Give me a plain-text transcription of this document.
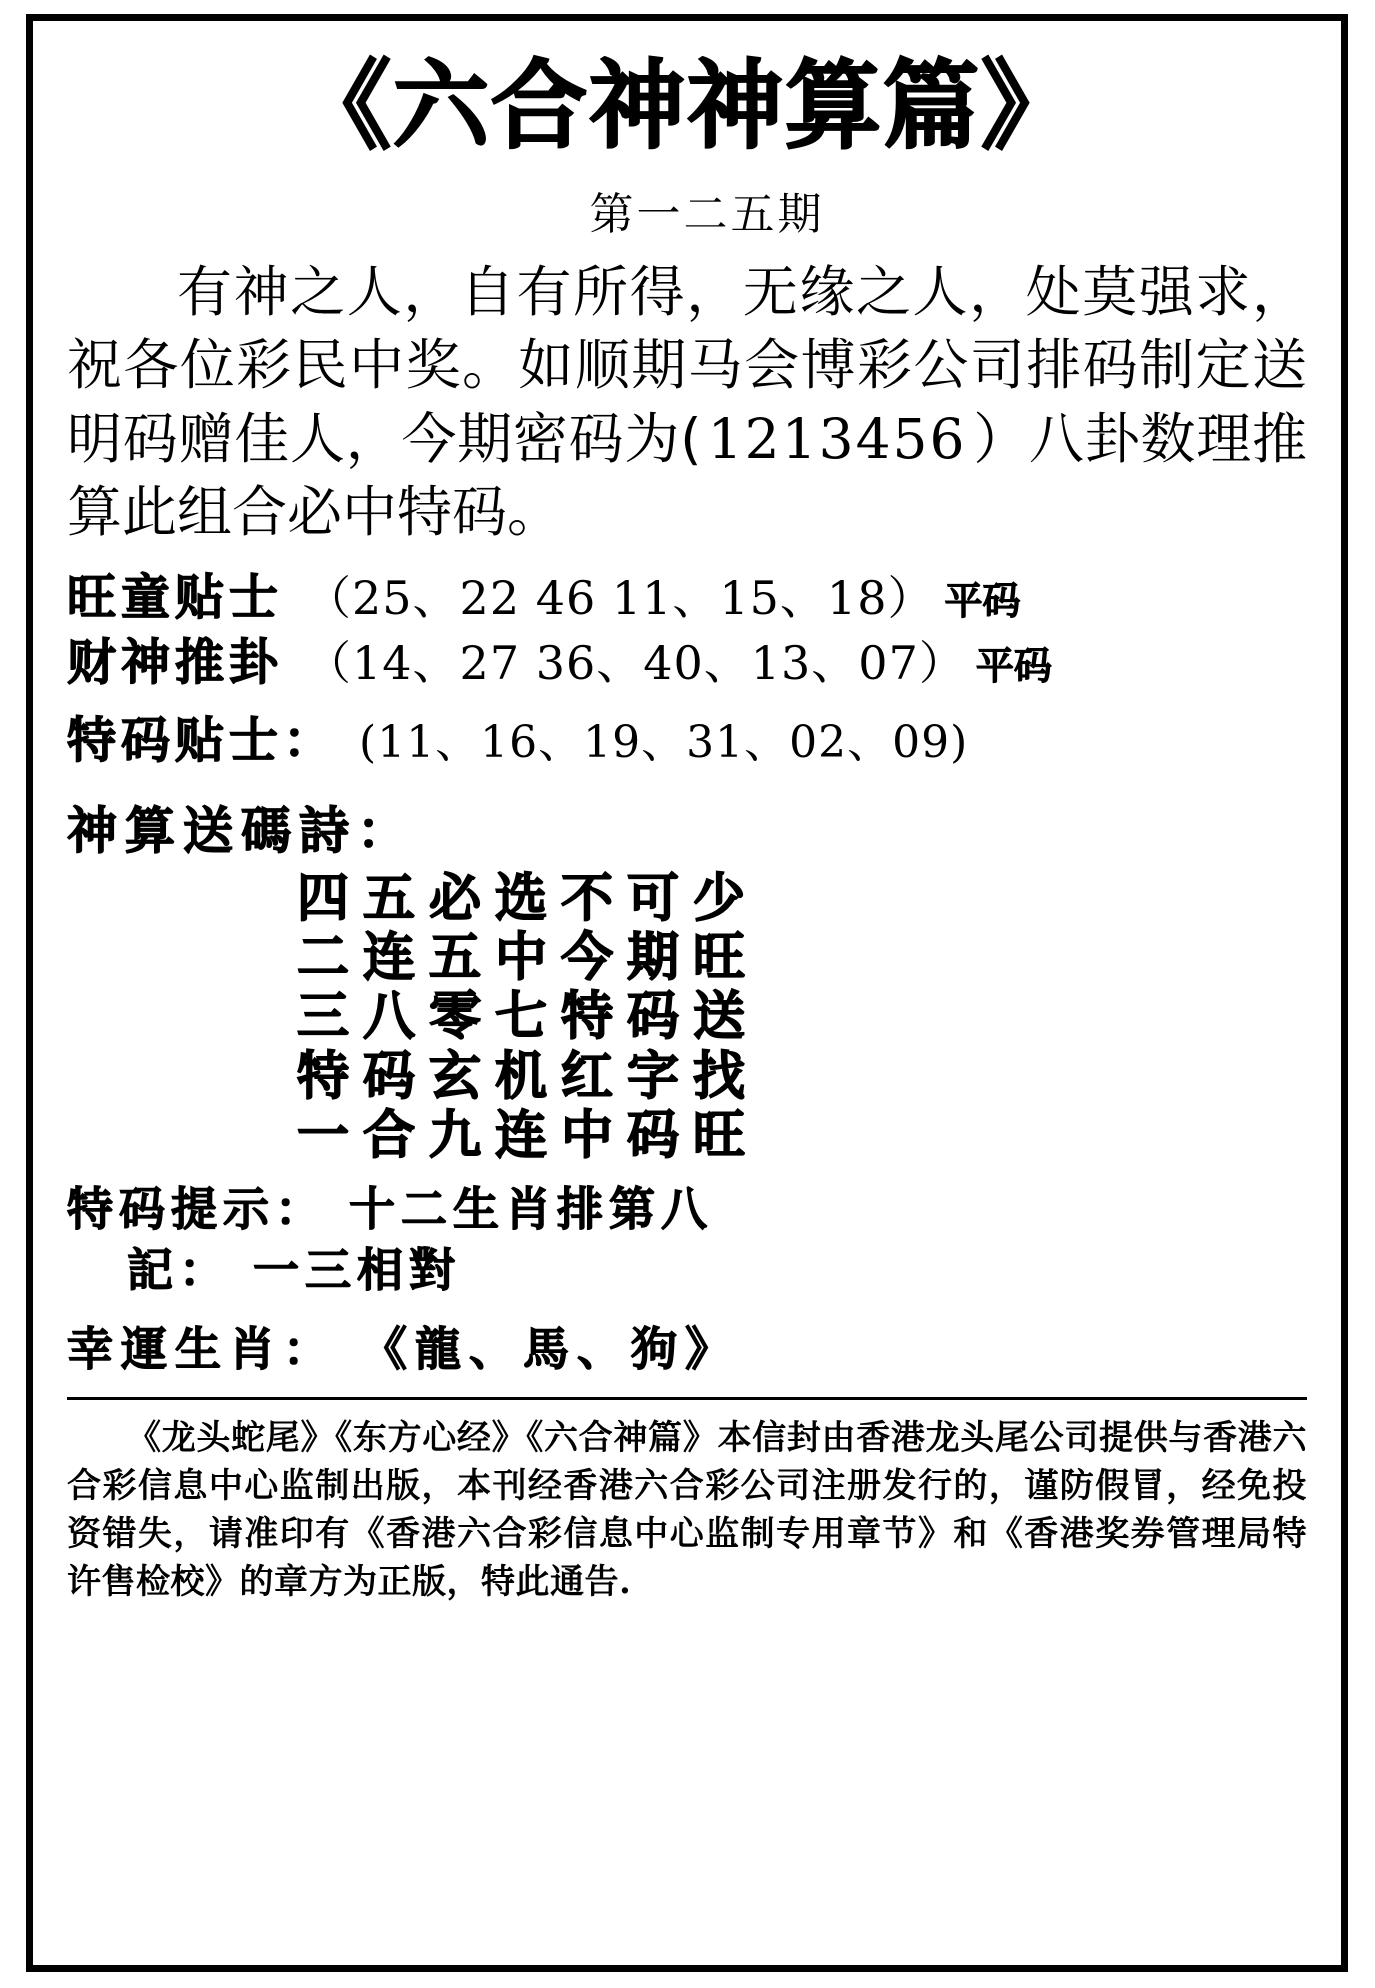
《六合神神算篇》
第一二五期
有神之人，自有所得，无缘之人，处莫强求，祝各位彩民中奖。如顺期马会博彩公司排码制定送明码赠佳人，今期密码为( 1213456 ）八卦数理推算此组合必中特码。
旺童贴士 （25、22 46 11、15、18） 平码
财神推卦 （14、27 36、40、13、07） 平码
特码贴士 ： (11、16、19、31、02、09)
神算送碼詩：
四五必选不可少
二连五中今期旺
三八零七特码送
特码玄机红字找
一合九连中码旺
特码提示： 十二生肖排第八
記： 一三相對
幸運生肖： 《龍、馬、狗》
《龙头蛇尾》《东方心经》《六合神篇》本信封由香港龙头尾公司提供与香港六合彩信息中心监制出版，本刊经香港六合彩公司注册发行的，谨防假冒，经免投资错失，请准印有《香港六合彩信息中心监制专用章节》和《香港奖券管理局特许售检校》的章方为正版，特此通告.
